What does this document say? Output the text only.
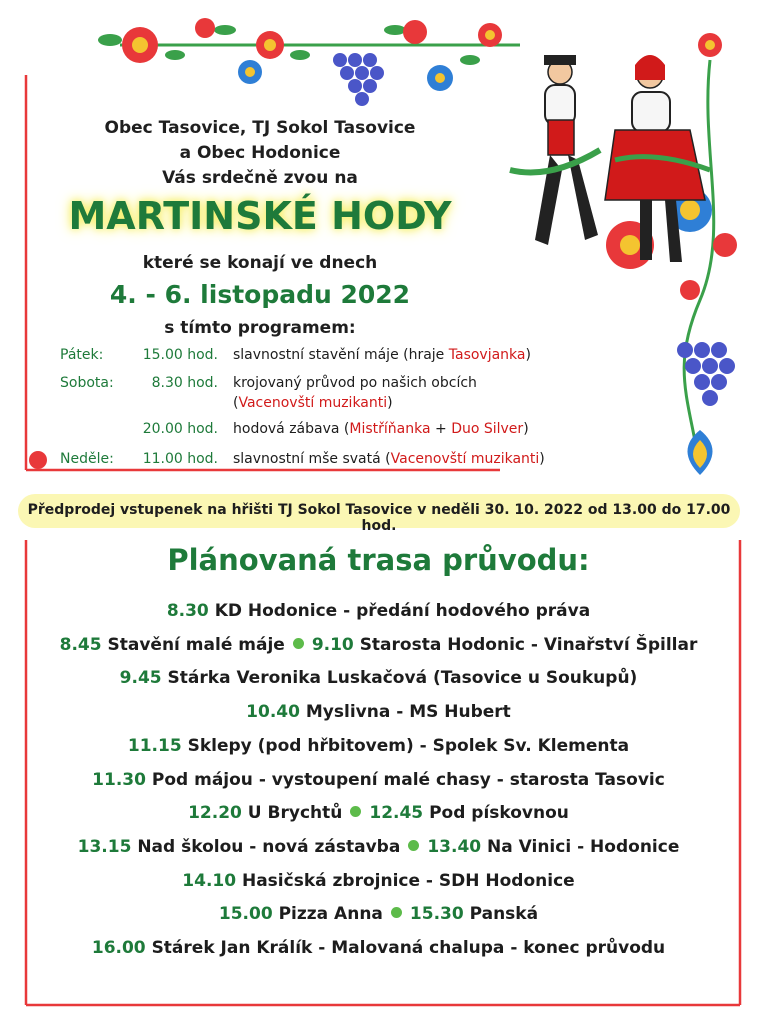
Obec Tasovice, TJ Sokol Tasovice
a Obec Hodonice
Vás srdečně zvou na
MARTINSKÉ HODY
které se konají ve dnech
4. - 6. listopadu 2022
s tímto programem:
Pátek:	15.00 hod. slavnostní stavění máje (hraje Tasovjanka)
Sobota:	8.30 hod. krojovaný průvod po našich obcích
(Vacenovští muzikanti)
20.00 hod. hodová zábava (Mistříňanka + Duo Silver)
Neděle:	11.00 hod. slavnostní mše svatá (Vacenovští muzikanti)
Předprodej vstupenek na hřišti TJ Sokol Tasovice v neděli 30. 10. 2022 od 13.00 do 17.00 hod.
Plánovaná trasa průvodu:
8.30 KD Hodonice - předání hodového práva
8.45 Stavění malé máje 9.10 Starosta Hodonic - Vinařství Špillar
9.45 Stárka Veronika Luskačová (Tasovice u Soukupů)
10.40 Myslivna - MS Hubert
11.15 Sklepy (pod hřbitovem) - Spolek Sv. Klementa
11.30 Pod májou - vystoupení malé chasy - starosta Tasovic
12.20 U Brychtů 12.45 Pod pískovnou
13.15 Nad školou - nová zástavba 13.40 Na Vinici - Hodonice
14.10 Hasičská zbrojnice - SDH Hodonice
15.00 Pizza Anna 15.30 Panská
16.00 Stárek Jan Králík - Malovaná chalupa - konec průvodu
